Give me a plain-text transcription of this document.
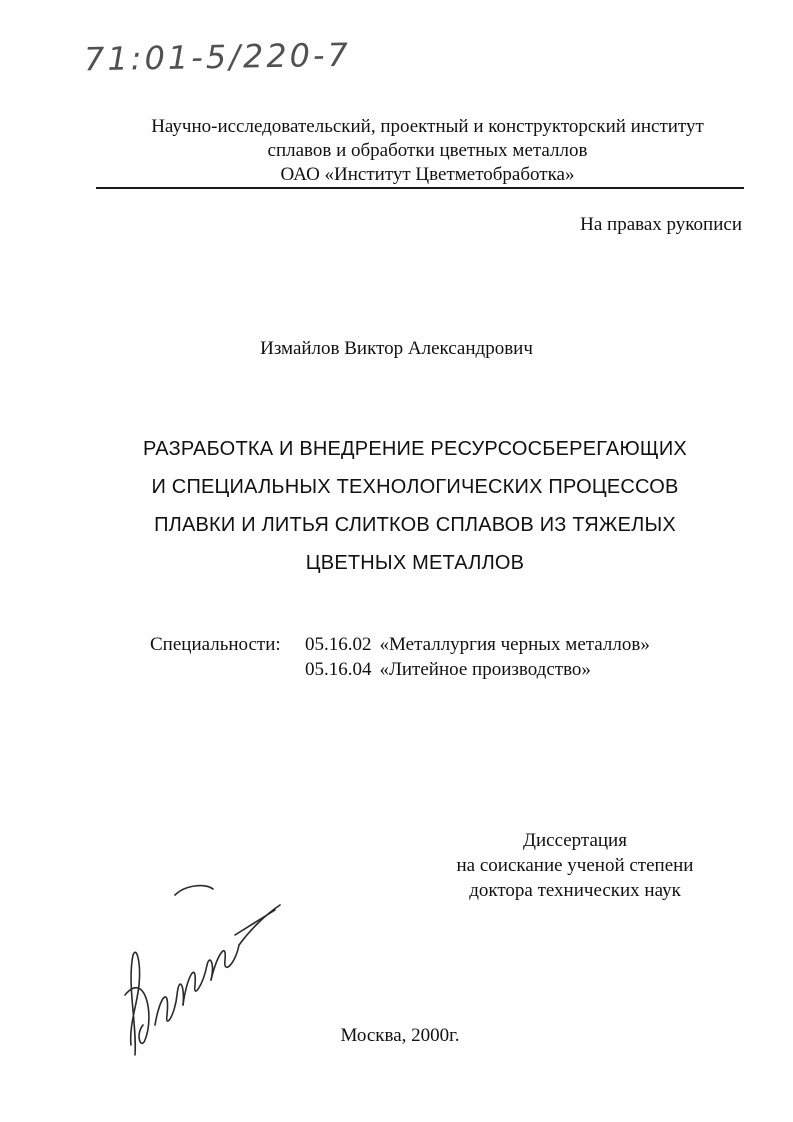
71:01-5/220-7
Научно-исследовательский, проектный и конструкторский институт
сплавов и обработки цветных металлов
ОАО «Институт Цветметобработка»
На правах рукописи
Измайлов Виктор Александрович
РАЗРАБОТКА И ВНЕДРЕНИЕ РЕСУРСОСБЕРЕГАЮЩИХ
И СПЕЦИАЛЬНЫХ ТЕХНОЛОГИЧЕСКИХ ПРОЦЕССОВ
ПЛАВКИ И ЛИТЬЯ СЛИТКОВ СПЛАВОВ ИЗ ТЯЖЕЛЫХ
ЦВЕТНЫХ МЕТАЛЛОВ
Специальности:	05.16.02 «Металлургия черных металлов»
05.16.04 «Литейное производство»
Диссертация
на соискание ученой степени
доктора технических наук
Москва, 2000г.
